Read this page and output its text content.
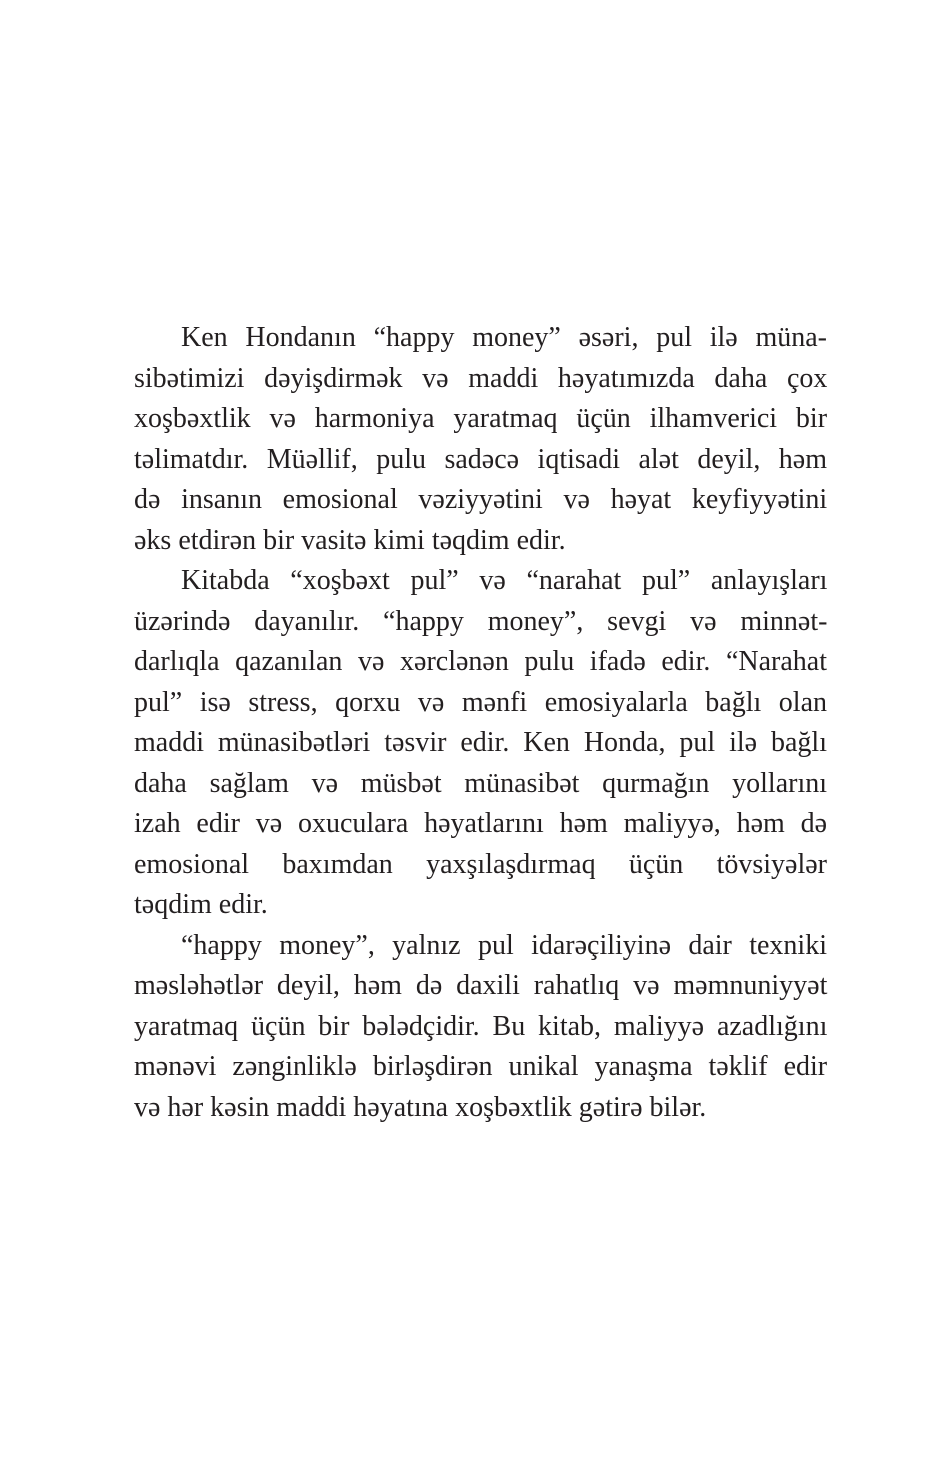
Ken Hondanın “happy money” əsəri, pul ilə müna-
sibətimizi dəyişdirmək və maddi həyatımızda daha çox
xoşbəxtlik və harmoniya yaratmaq üçün ilhamverici bir
təlimatdır. Müəllif, pulu sadəcə iqtisadi alət deyil, həm
də insanın emosional vəziyyətini və həyat keyfiyyətini
əks etdirən bir vasitə kimi təqdim edir.

Kitabda “xoşbəxt pul” və “narahat pul” anlayışları
üzərində dayanılır. “happy money”, sevgi və minnət-
darlıqla qazanılan və xərclənən pulu ifadə edir. “Narahat
pul” isə stress, qorxu və mənfi emosiyalarla bağlı olan
maddi münasibətləri təsvir edir. Ken Honda, pul ilə bağlı
daha sağlam və müsbət münasibət qurmağın yollarını
izah edir və oxuculara həyatlarını həm maliyyə, həm də
emosional baxımdan yaxşılaşdırmaq üçün tövsiyələr
təqdim edir.

“happy money”, yalnız pul idarəçiliyinə dair texniki
məsləhətlər deyil, həm də daxili rahatlıq və məmnuniyyət
yaratmaq üçün bir bələdçidir. Bu kitab, maliyyə azadlığını
mənəvi zənginliklə birləşdirən unikal yanaşma təklif edir
və hər kəsin maddi həyatına xoşbəxtlik gətirə bilər.
